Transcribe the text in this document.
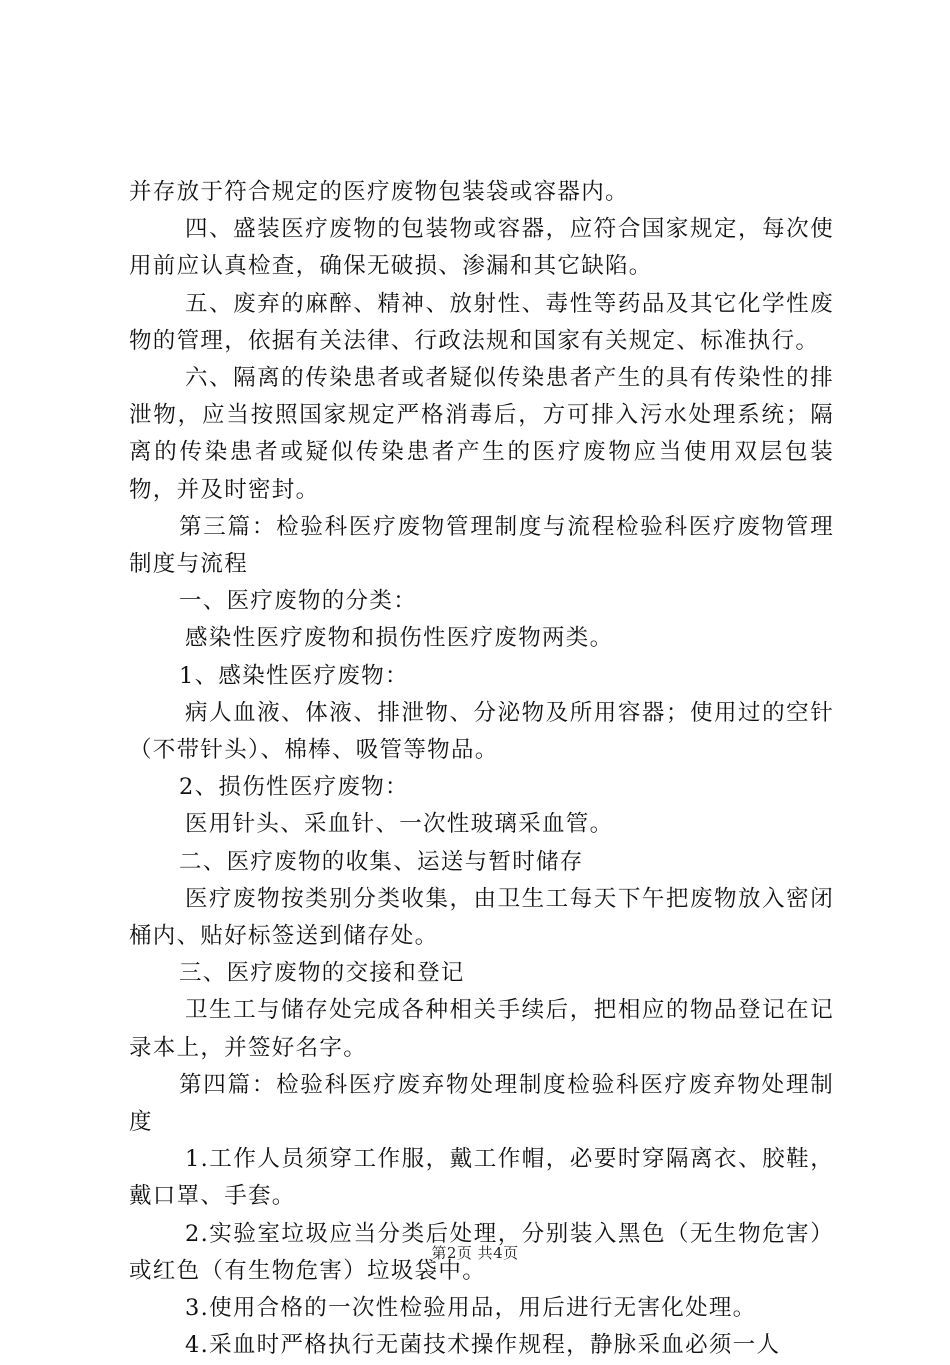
并存放于符合规定的医疗废物包装袋或容器内。

四、盛装医疗废物的包装物或容器，应符合国家规定，每次使用前应认真检查，确保无破损、渗漏和其它缺陷。

五、废弃的麻醉、精神、放射性、毒性等药品及其它化学性废物的管理，依据有关法律、行政法规和国家有关规定、标准执行。

六、隔离的传染患者或者疑似传染患者产生的具有传染性的排泄物，应当按照国家规定严格消毒后，方可排入污水处理系统；隔离的传染患者或疑似传染患者产生的医疗废物应当使用双层包装物，并及时密封。

第三篇：检验科医疗废物管理制度与流程检验科医疗废物管理制度与流程

一、医疗废物的分类：

感染性医疗废物和损伤性医疗废物两类。

1、感染性医疗废物：

病人血液、体液、排泄物、分泌物及所用容器；使用过的空针（不带针头）、棉棒、吸管等物品。

2、损伤性医疗废物：

医用针头、采血针、一次性玻璃采血管。

二、医疗废物的收集、运送与暂时储存

医疗废物按类别分类收集，由卫生工每天下午把废物放入密闭桶内、贴好标签送到储存处。

三、医疗废物的交接和登记

卫生工与储存处完成各种相关手续后，把相应的物品登记在记录本上，并签好名字。

第四篇：检验科医疗废弃物处理制度检验科医疗废弃物处理制度

1.工作人员须穿工作服，戴工作帽，必要时穿隔离衣、胶鞋，戴口罩、手套。

2.实验室垃圾应当分类后处理，分别装入黑色（无生物危害）或红色（有生物危害）垃圾袋中。

3.使用合格的一次性检验用品，用后进行无害化处理。

4.采血时严格执行无菌技术操作规程，静脉采血必须一人

第2页 共4页
